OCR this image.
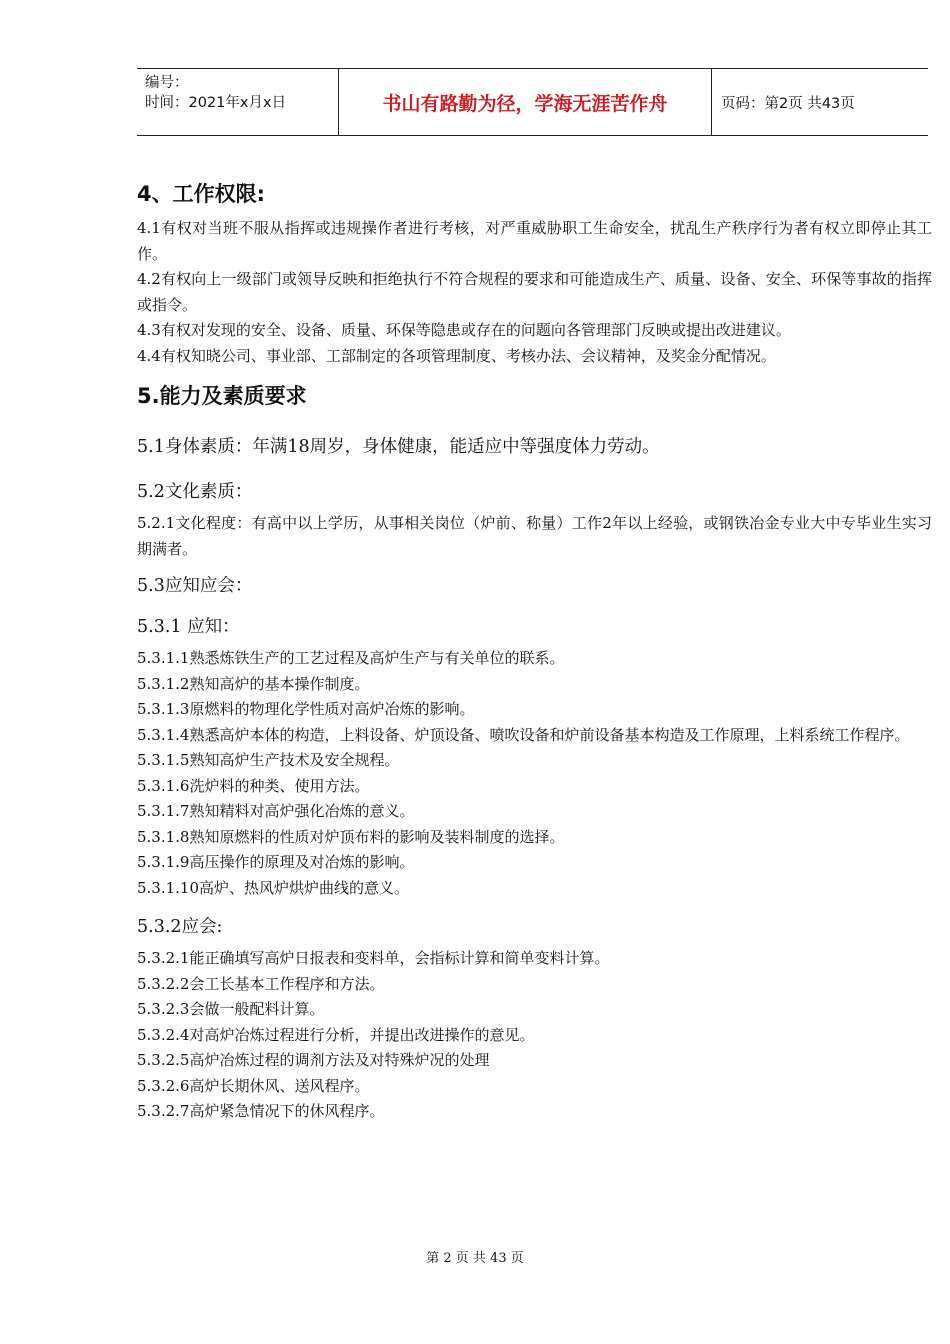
编号：
时间：2021年x月x日	书山有路勤为径，学海无涯苦作舟	页码：第2页 共43页
4、工作权限:

4.1有权对当班不服从指挥或违规操作者进行考核，对严重威胁职工生命安全，扰乱生产秩序行为者有权立即停止其工作。

4.2有权向上一级部门或领导反映和拒绝执行不符合规程的要求和可能造成生产、质量、设备、安全、环保等事故的指挥或指令。

4.3有权对发现的安全、设备、质量、环保等隐患或存在的问题向各管理部门反映或提出改进建议。

4.4有权知晓公司、事业部、工部制定的各项管理制度、考核办法、会议精神，及奖金分配情况。

5.能力及素质要求

5.1身体素质：年满18周岁，身体健康，能适应中等强度体力劳动。

5.2文化素质：

5.2.1文化程度：有高中以上学历，从事相关岗位（炉前、称量）工作2年以上经验，或钢铁冶金专业大中专毕业生实习期满者。

5.3应知应会：

5.3.1 应知：

5.3.1.1熟悉炼铁生产的工艺过程及高炉生产与有关单位的联系。

5.3.1.2熟知高炉的基本操作制度。

5.3.1.3原燃料的物理化学性质对高炉冶炼的影响。

5.3.1.4熟悉高炉本体的构造，上料设备、炉顶设备、喷吹设备和炉前设备基本构造及工作原理，上料系统工作程序。

5.3.1.5熟知高炉生产技术及安全规程。

5.3.1.6洗炉料的种类、使用方法。

5.3.1.7熟知精料对高炉强化冶炼的意义。

5.3.1.8熟知原燃料的性质对炉顶布料的影响及装料制度的选择。

5.3.1.9高压操作的原理及对冶炼的影响。

5.3.1.10高炉、热风炉烘炉曲线的意义。

5.3.2应会:

5.3.2.1能正确填写高炉日报表和变料单，会指标计算和简单变料计算。

5.3.2.2会工长基本工作程序和方法。

5.3.2.3会做一般配料计算。

5.3.2.4对高炉冶炼过程进行分析，并提出改进操作的意见。

5.3.2.5高炉冶炼过程的调剂方法及对特殊炉况的处理

5.3.2.6高炉长期休风、送风程序。

5.3.2.7高炉紧急情况下的休风程序。

第 2 页 共 43 页
